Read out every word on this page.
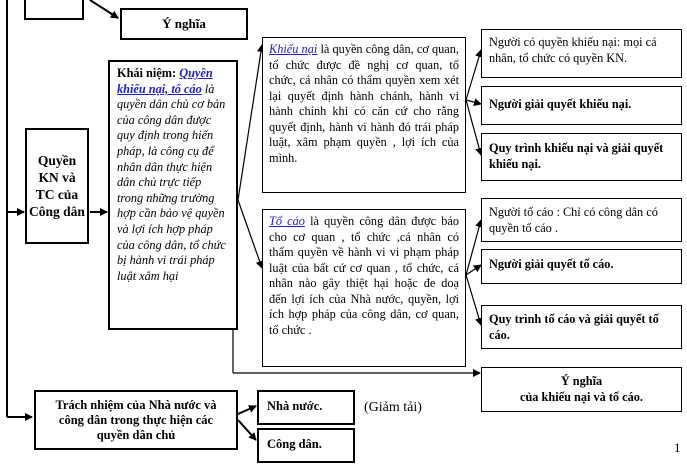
Ý nghĩa
Quyền KN và TC của Công dân
Khái niệm: Quyền khiếu nại, tố cáo là quyền dân chủ cơ bản của công dân được quy định trong hiến pháp, là công cụ để nhân dân thực hiện dân chủ trực tiếp trong những trường hợp cần bảo vệ quyền và lợi ích hợp pháp của công dân, tổ chức bị hành vi trái pháp luật xâm hại
Khiếu nại là quyền công dân, cơ quan, tổ chức được đề nghị cơ quan, tổ chức, cá nhân có thẩm quyền xem xét lại quyết định hành chánh, hành vi hành chính khi có căn cứ cho rằng quyết định, hành vi hành đó trái pháp luật, xâm phạm quyền , lợi ích của mình.
Tố cáo là quyền công dân được báo cho cơ quan , tổ chức ,cá nhân có thẩm quyền về hành vi vi phạm pháp luật của bất cứ cơ quan , tổ chức, cá nhân nào gây thiệt hại hoặc đe doạ đến lợi ích của Nhà nước, quyền, lợi ích hợp pháp của công dân, cơ quan, tổ chức .
Người có quyền khiếu nại: mọi cá nhân, tổ chức có quyền KN.
Người giải quyết khiếu nại.
Quy trình khiếu nại và giải quyết khiếu nại.
Người tố cáo : Chỉ có công dân có quyền tố cáo .
Người giải quyết tố cáo.
Quy trình tố cáo và giải quyết tố cáo.
Ý nghĩa
của khiếu nại và tố cáo.
Trách nhiệm của Nhà nước và công dân trong thực hiện các quyền dân chủ
Nhà nước.
Công dân.
(Giảm tải)
1
